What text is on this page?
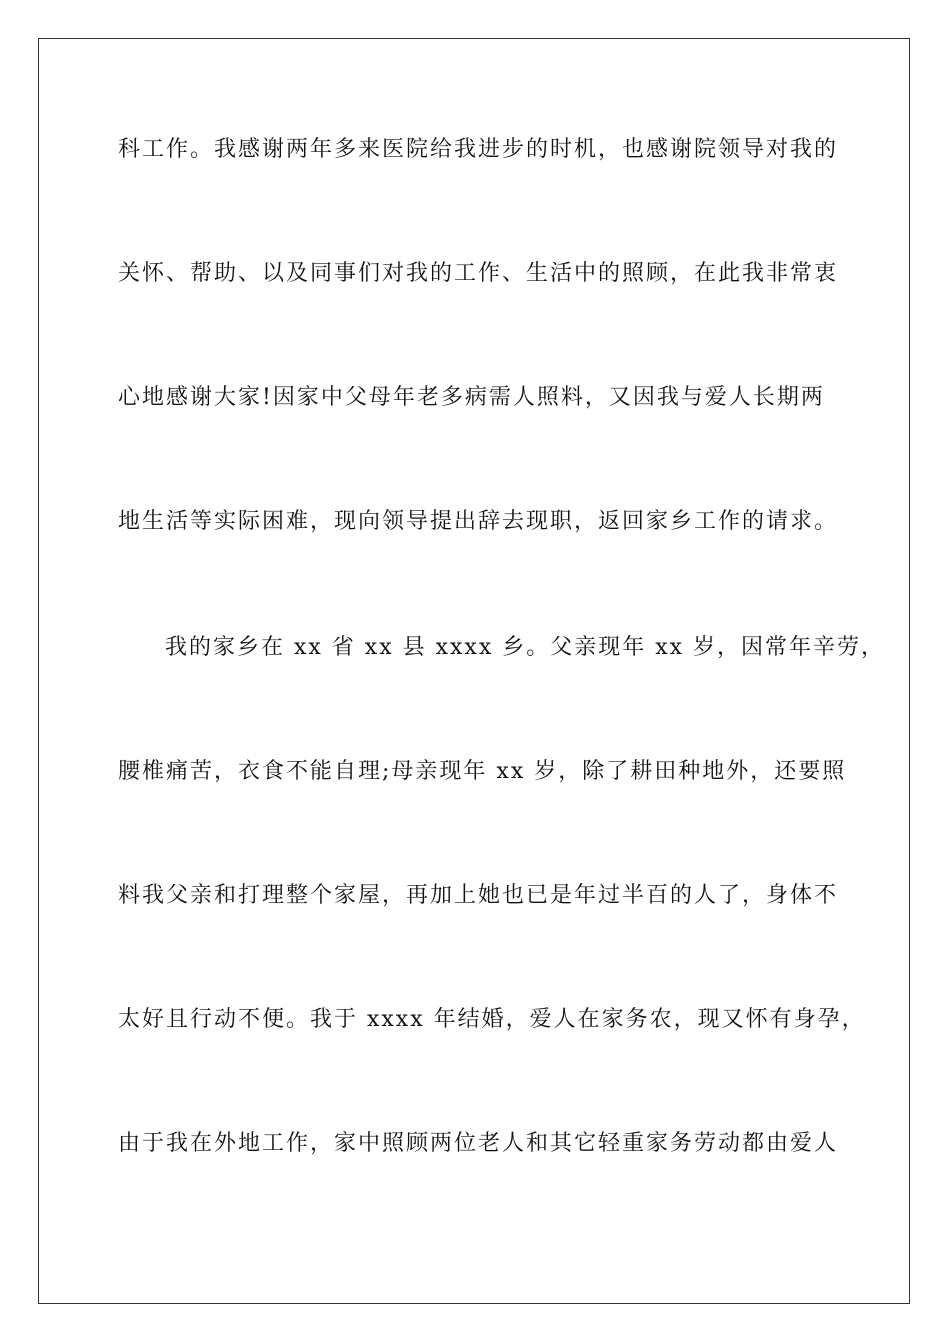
科工作。我感谢两年多来医院给我进步的时机，也感谢院领导对我的
关怀、帮助、以及同事们对我的工作、生活中的照顾，在此我非常衷
心地感谢大家!因家中父母年老多病需人照料，又因我与爱人长期两
地生活等实际困难，现向领导提出辞去现职，返回家乡工作的请求。
我的家乡在 xx 省 xx 县 xxxx 乡。父亲现年 xx 岁，因常年辛劳，
腰椎痛苦，衣食不能自理;母亲现年 xx 岁，除了耕田种地外，还要照
料我父亲和打理整个家屋，再加上她也已是年过半百的人了，身体不
太好且行动不便。我于 xxxx 年结婚，爱人在家务农，现又怀有身孕，
由于我在外地工作，家中照顾两位老人和其它轻重家务劳动都由爱人
